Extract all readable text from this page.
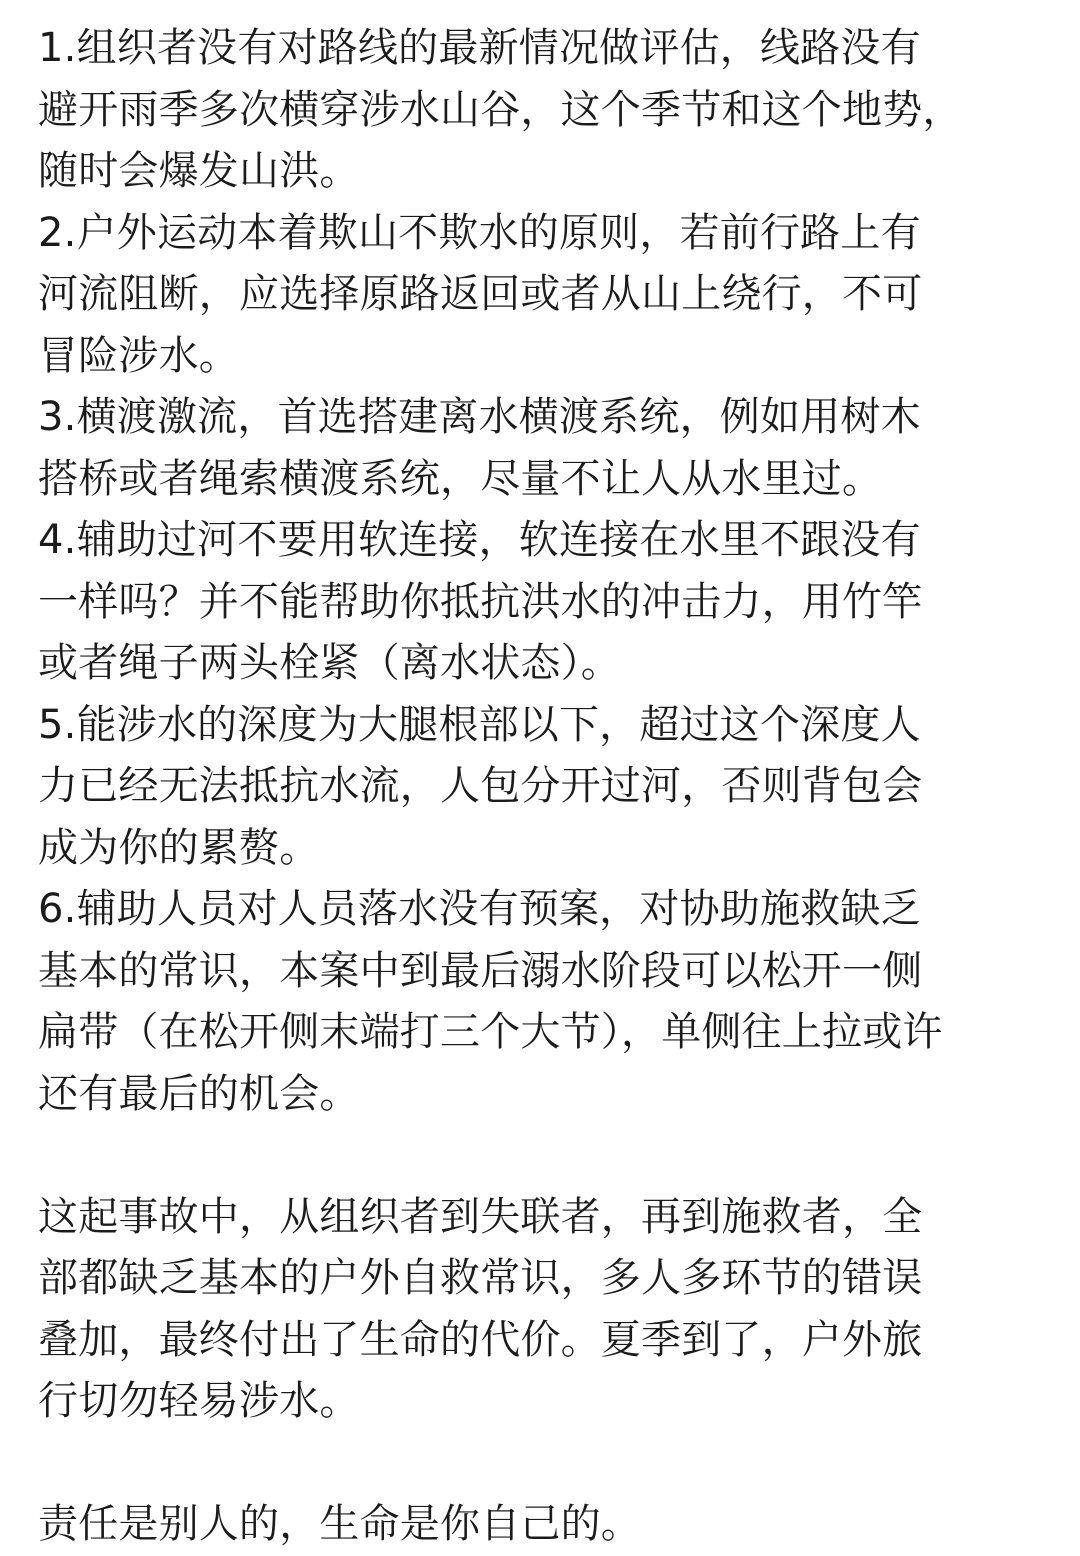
1.组织者没有对路线的最新情况做评估，线路没有
避开雨季多次横穿涉水山谷，这个季节和这个地势，
随时会爆发山洪。
2.户外运动本着欺山不欺水的原则，若前行路上有
河流阻断，应选择原路返回或者从山上绕行，不可
冒险涉水。
3.横渡激流，首选搭建离水横渡系统，例如用树木
搭桥或者绳索横渡系统，尽量不让人从水里过。
4.辅助过河不要用软连接，软连接在水里不跟没有
一样吗？并不能帮助你抵抗洪水的冲击力，用竹竿
或者绳子两头栓紧（离水状态）。
5.能涉水的深度为大腿根部以下，超过这个深度人
力已经无法抵抗水流，人包分开过河，否则背包会
成为你的累赘。
6.辅助人员对人员落水没有预案，对协助施救缺乏
基本的常识，本案中到最后溺水阶段可以松开一侧
扁带（在松开侧末端打三个大节），单侧往上拉或许
还有最后的机会。
这起事故中，从组织者到失联者，再到施救者，全
部都缺乏基本的户外自救常识，多人多环节的错误
叠加，最终付出了生命的代价。夏季到了，户外旅
行切勿轻易涉水。
责任是别人的，生命是你自己的。
